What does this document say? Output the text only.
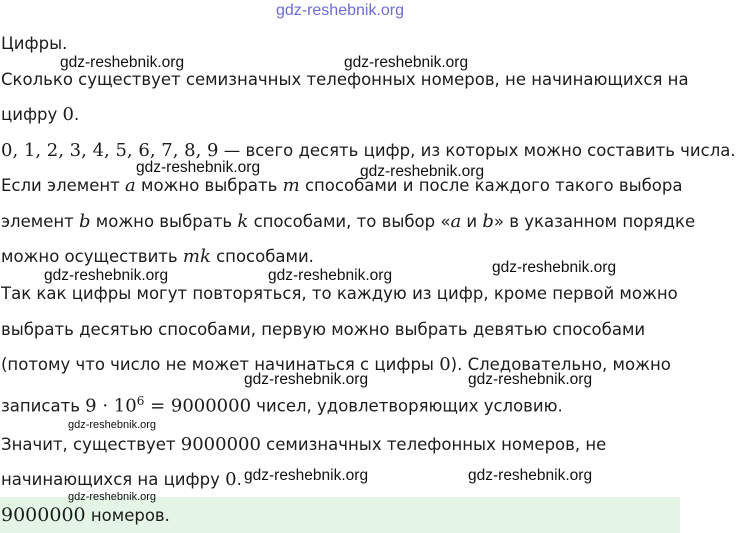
gdz-reshebnik.org
Цифры.
Сколько существует семизначных телефонных номеров, не начинающихся на
цифру 0.
0, 1, 2, 3, 4, 5, 6, 7, 8, 9 — всего десять цифр, из которых можно составить числа.
Если элемент a можно выбрать m способами и после каждого такого выбора
элемент b можно выбрать k способами, то выбор «a и b» в указанном порядке
можно осуществить mk способами.
Так как цифры могут повторяться, то каждую из цифр, кроме первой можно
выбрать десятью способами, первую можно выбрать девятью способами
(потому что число не может начинаться с цифры 0). Следовательно, можно
записать $9 \cdot 10^6 = 9000000$ чисел, удовлетворяющих условию.
Значит, существует 9000000 семизначных телефонных номеров, не
начинающихся на цифру 0.
9000000 номеров.
gdz-reshebnik.org	gdz-reshebnik.org
gdz-reshebnik.org	gdz-reshebnik.org
gdz-reshebnik.org
gdz-reshebnik.org	gdz-reshebnik.org
gdz-reshebnik.org	gdz-reshebnik.org
gdz-reshebnik.org
gdz-reshebnik.org	gdz-reshebnik.org
gdz-reshebnik.org
